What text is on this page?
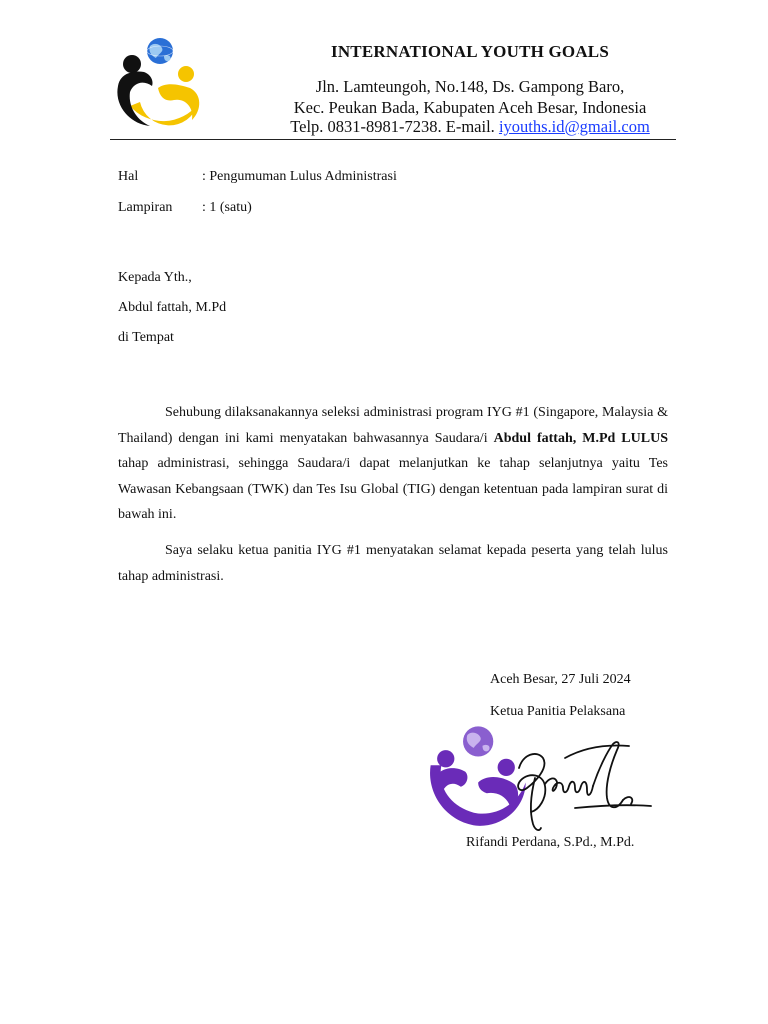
INTERNATIONAL YOUTH GOALS
Jln. Lamteungoh, No.148, Ds. Gampong Baro,
Kec. Peukan Bada, Kabupaten Aceh Besar, Indonesia
Telp. 0831-8981-7238. E-mail. iyouths.id@gmail.com
Hal	: Pengumuman Lulus Administrasi
Lampiran : 1 (satu)
Kepada Yth.,
Abdul fattah, M.Pd
di Tempat
Sehubung dilaksanakannya seleksi administrasi program IYG #1 (Singapore, Malaysia & Thailand) dengan ini kami menyatakan bahwasannya Saudara/i Abdul fattah, M.Pd LULUS tahap administrasi, sehingga Saudara/i dapat melanjutkan ke tahap selanjutnya yaitu Tes Wawasan Kebangsaan (TWK) dan Tes Isu Global (TIG) dengan ketentuan pada lampiran surat di bawah ini.
Saya selaku ketua panitia IYG #1 menyatakan selamat kepada peserta yang telah lulus tahap administrasi.
Aceh Besar, 27 Juli 2024
Ketua Panitia Pelaksana
Rifandi Perdana, S.Pd., M.Pd.
